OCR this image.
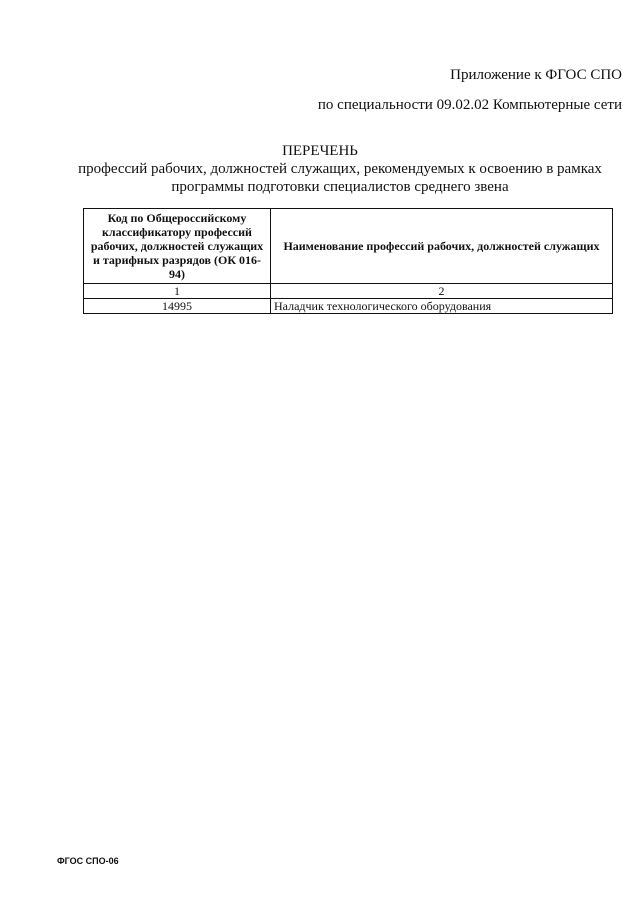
Приложение к ФГОС СПО
по специальности 09.02.02 Компьютерные сети
ПЕРЕЧЕНЬ
профессий рабочих, должностей служащих, рекомендуемых к освоению в рамках программы подготовки специалистов среднего звена
Код по Общероссийскому классификатору профессий рабочих, должностей служащих и тарифных разрядов (ОК 016-94)	Наименование профессий рабочих, должностей служащих
1	2
14995	Наладчик технологического оборудования
ФГОС СПО-06
